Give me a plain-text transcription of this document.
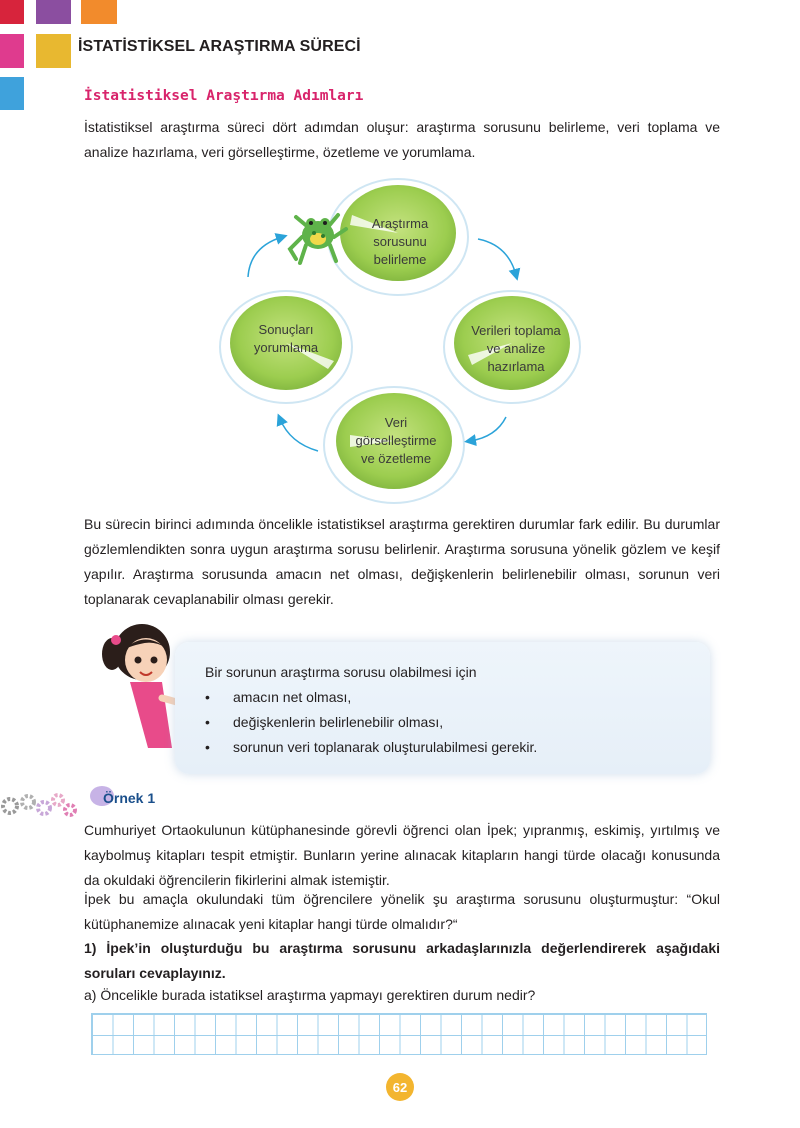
İSTATİSTİKSEL ARAŞTIRMA SÜRECİ
İstatistiksel Araştırma Adımları

İstatistiksel araştırma süreci dört adımdan oluşur: araştırma sorusunu belirleme, veri toplama ve analize hazırlama, veri görselleştirme, özetleme ve yorumlama.

Araştırma
sorusunu
belirleme
Verileri toplama
ve analize
hazırlama
Veri
görselleştirme
ve özetleme
Sonuçları
yorumlama

Bu sürecin birinci adımında öncelikle istatistiksel araştırma gerektiren durumlar fark edilir. Bu durumlar gözlemlendikten sonra uygun araştırma sorusu belirlenir. Araştırma sorusuna yönelik gözlem ve keşif yapılır. Araştırma sorusunda amacın net olması, değişkenlerin belirlenebilir olması, sorunun veri toplanarak cevaplanabilir olması gerekir.

Bir sorunun araştırma sorusu olabilmesi için
• amacın net olması,
• değişkenlerin belirlenebilir olması,
• sorunun veri toplanarak oluşturulabilmesi gerekir.
Örnek 1

Cumhuriyet Ortaokulunun kütüphanesinde görevli öğrenci olan İpek; yıpranmış, eskimiş, yırtılmış ve kaybolmuş kitapları tespit etmiştir. Bunların yerine alınacak kitapların hangi türde olacağı konusunda da okuldaki öğrencilerin fikirlerini almak istemiştir.

İpek bu amaçla okulundaki tüm öğrencilere yönelik şu araştırma sorusunu oluşturmuştur: “Okul kütüphanemize alınacak yeni kitaplar hangi türde olmalıdır?“

1) İpek’in oluşturduğu bu araştırma sorusunu arkadaşlarınızla değerlendirerek aşağıdaki soruları cevaplayınız.

a) Öncelikle burada istatiksel araştırma yapmayı gerektiren durum nedir?
62
